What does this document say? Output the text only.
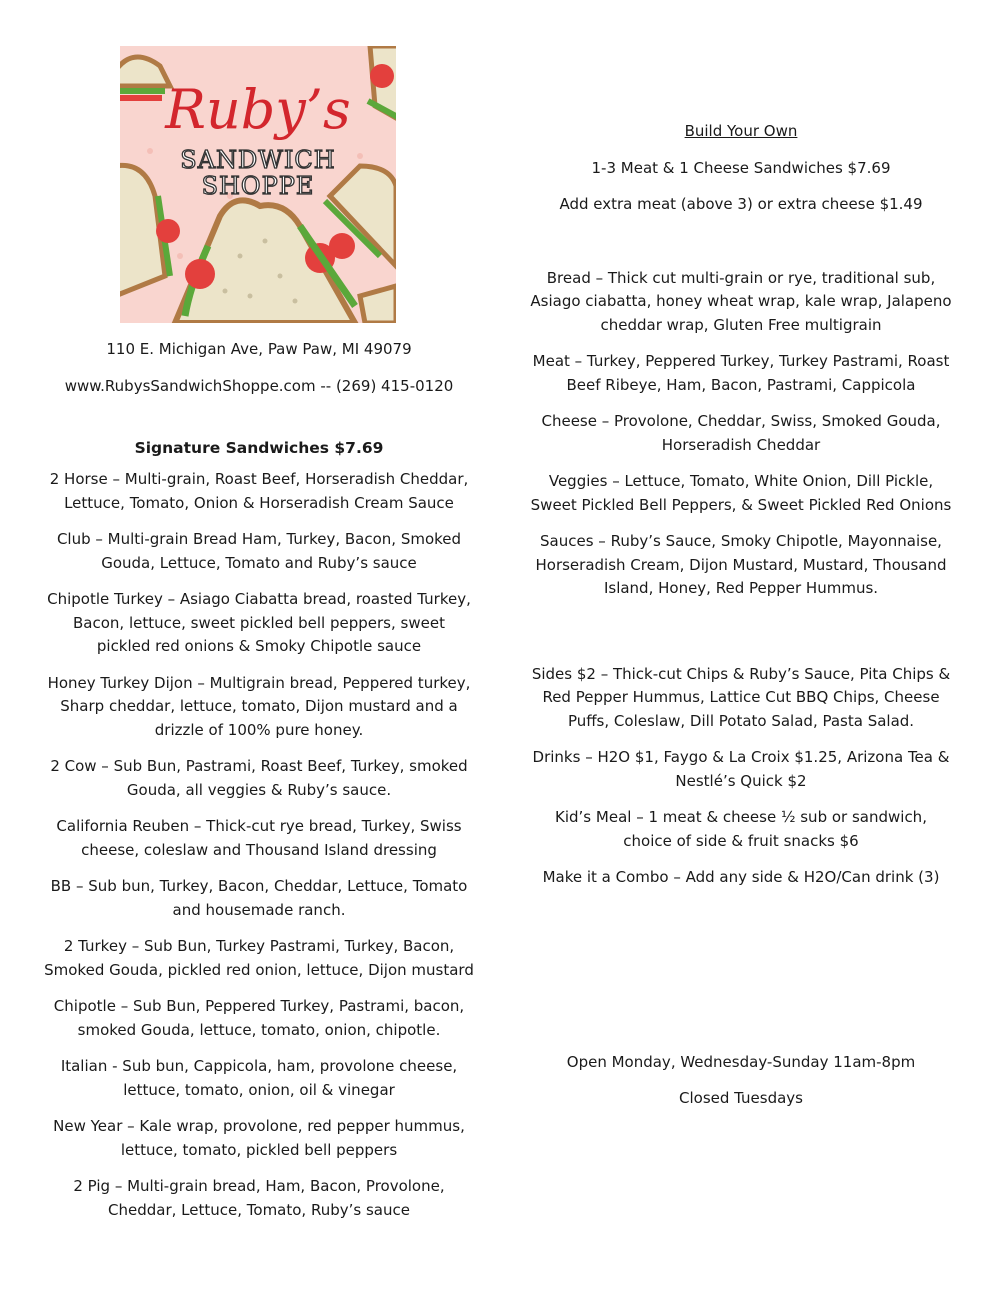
Ruby’s
SANDWICH
SHOPPE

110 E. Michigan Ave, Paw Paw, MI 49079

www.RubysSandwichShoppe.com -- (269) 415-0120

Signature Sandwiches $7.69

2 Horse – Multi-grain, Roast Beef, Horseradish Cheddar, Lettuce, Tomato, Onion & Horseradish Cream Sauce

Club – Multi-grain Bread Ham, Turkey, Bacon, Smoked Gouda, Lettuce, Tomato and Ruby’s sauce

Chipotle Turkey – Asiago Ciabatta bread, roasted Turkey, Bacon, lettuce, sweet pickled bell peppers, sweet pickled red onions & Smoky Chipotle sauce

Honey Turkey Dijon – Multigrain bread, Peppered turkey, Sharp cheddar, lettuce, tomato, Dijon mustard and a drizzle of 100% pure honey.

2 Cow – Sub Bun, Pastrami, Roast Beef, Turkey, smoked Gouda, all veggies & Ruby’s sauce.

California Reuben – Thick-cut rye bread, Turkey, Swiss cheese, coleslaw and Thousand Island dressing

BB – Sub bun, Turkey, Bacon, Cheddar, Lettuce, Tomato and housemade ranch.

2 Turkey – Sub Bun, Turkey Pastrami, Turkey, Bacon, Smoked Gouda, pickled red onion, lettuce, Dijon mustard

Chipotle – Sub Bun, Peppered Turkey, Pastrami, bacon, smoked Gouda, lettuce, tomato, onion, chipotle.

Italian - Sub bun, Cappicola, ham, provolone cheese, lettuce, tomato, onion, oil & vinegar

New Year – Kale wrap, provolone, red pepper hummus, lettuce, tomato, pickled bell peppers

2 Pig – Multi-grain bread, Ham, Bacon, Provolone, Cheddar, Lettuce, Tomato, Ruby’s sauce

Build Your Own

1-3 Meat & 1 Cheese Sandwiches $7.69

Add extra meat (above 3) or extra cheese $1.49

Bread – Thick cut multi-grain or rye, traditional sub, Asiago ciabatta, honey wheat wrap, kale wrap, Jalapeno cheddar wrap, Gluten Free multigrain

Meat – Turkey, Peppered Turkey, Turkey Pastrami, Roast Beef Ribeye, Ham, Bacon, Pastrami, Cappicola

Cheese – Provolone, Cheddar, Swiss, Smoked Gouda, Horseradish Cheddar

Veggies – Lettuce, Tomato, White Onion, Dill Pickle, Sweet Pickled Bell Peppers, & Sweet Pickled Red Onions

Sauces – Ruby’s Sauce, Smoky Chipotle, Mayonnaise, Horseradish Cream, Dijon Mustard, Mustard, Thousand Island, Honey, Red Pepper Hummus.

Sides $2 – Thick-cut Chips & Ruby’s Sauce, Pita Chips & Red Pepper Hummus, Lattice Cut BBQ Chips, Cheese Puffs, Coleslaw, Dill Potato Salad, Pasta Salad.

Drinks – H2O $1, Faygo & La Croix $1.25, Arizona Tea & Nestlé’s Quick $2

Kid’s Meal – 1 meat & cheese ½ sub or sandwich, choice of side & fruit snacks $6

Make it a Combo – Add any side & H2O/Can drink (3)

Open Monday, Wednesday-Sunday 11am-8pm

Closed Tuesdays
